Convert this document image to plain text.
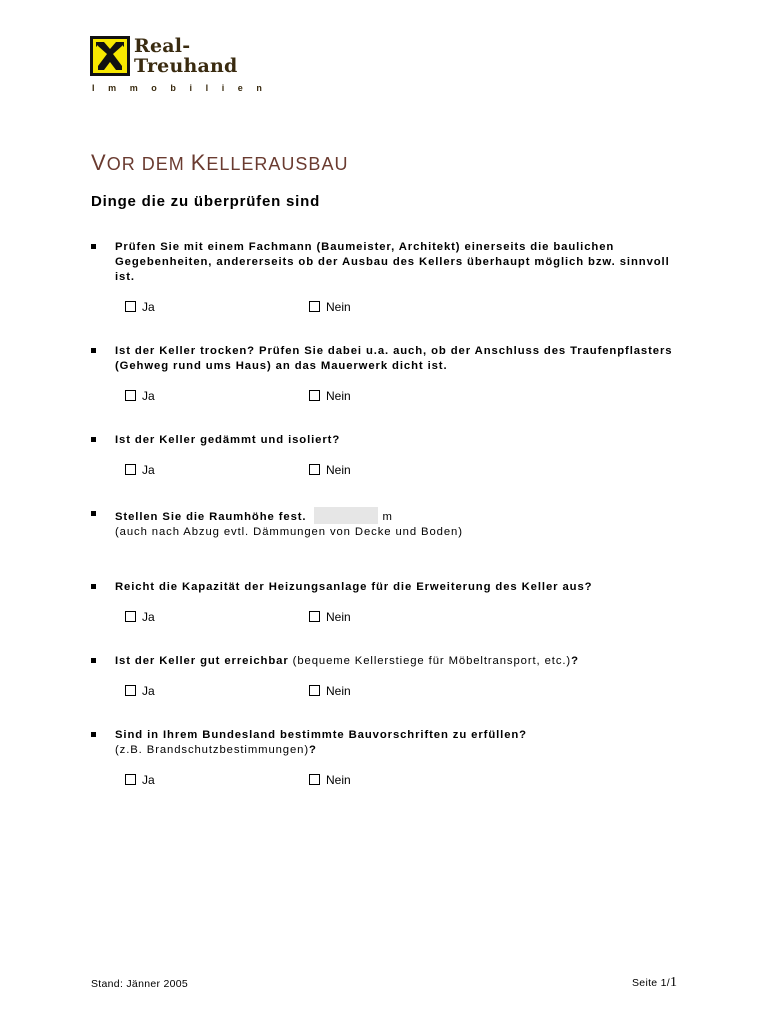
Real-
Treuhand
Immobilien
VOR DEM KELLERAUSBAU
Dinge die zu überprüfen sind
Prüfen Sie mit einem Fachmann (Baumeister, Architekt) einerseits die baulichen Gegebenheiten, andererseits ob der Ausbau des Kellers überhaupt möglich bzw. sinnvoll ist.
Ja	Nein
Ist der Keller trocken? Prüfen Sie dabei u.a. auch, ob der Anschluss des Traufenpflasters (Gehweg rund ums Haus) an das Mauerwerk dicht ist.
Ja	Nein
Ist der Keller gedämmt und isoliert?
Ja	Nein
Stellen Sie die Raumhöhe fest.	m
(auch nach Abzug evtl. Dämmungen von Decke und Boden)
Reicht die Kapazität der Heizungsanlage für die Erweiterung des Keller aus?
Ja	Nein
Ist der Keller gut erreichbar (bequeme Kellerstiege für Möbeltransport, etc.)?
Ja	Nein
Sind in Ihrem Bundesland bestimmte Bauvorschriften zu erfüllen?
(z.B. Brandschutzbestimmungen)?
Ja	Nein
Stand: Jänner 2005	Seite 1/1
